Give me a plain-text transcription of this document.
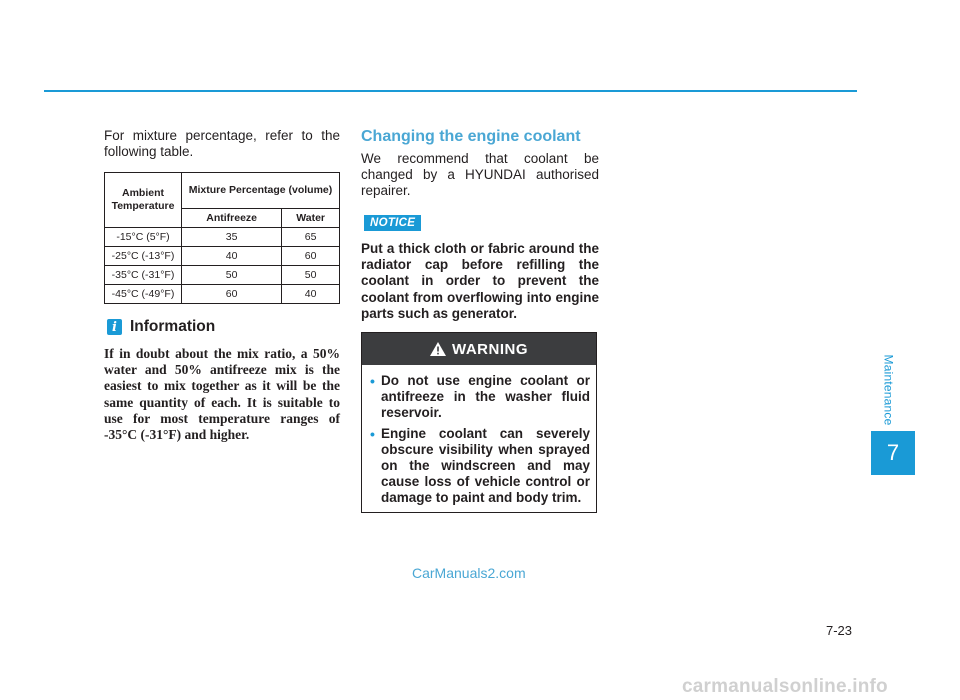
For mixture percentage, refer to the following table.
Ambient Temperature	Mixture Percentage (volume)	
	Antifreeze	Water
-15°C (5°F)	35	65
-25°C (-13°F)	40	60
-35°C (-31°F)	50	50
-45°C (-49°F)	60	40
i Information
If in doubt about the mix ratio, a 50% water and 50% antifreeze mix is the easiest to mix together as it will be the same quantity of each. It is suitable to use for most temperature ranges of -35°C (-31°F) and higher.
Changing the engine coolant
We recommend that coolant be changed by a HYUNDAI authorised repairer.
NOTICE
Put a thick cloth or fabric around the radiator cap before refilling the coolant in order to prevent the coolant from overflowing into engine parts such as generator.
WARNING
• Do not use engine coolant or antifreeze in the washer fluid reservoir.
• Engine coolant can severely obscure visibility when sprayed on the windscreen and may cause loss of vehicle control or damage to paint and body trim.
Maintenance
7
CarManuals2.com
7-23
carmanualsonline.info
